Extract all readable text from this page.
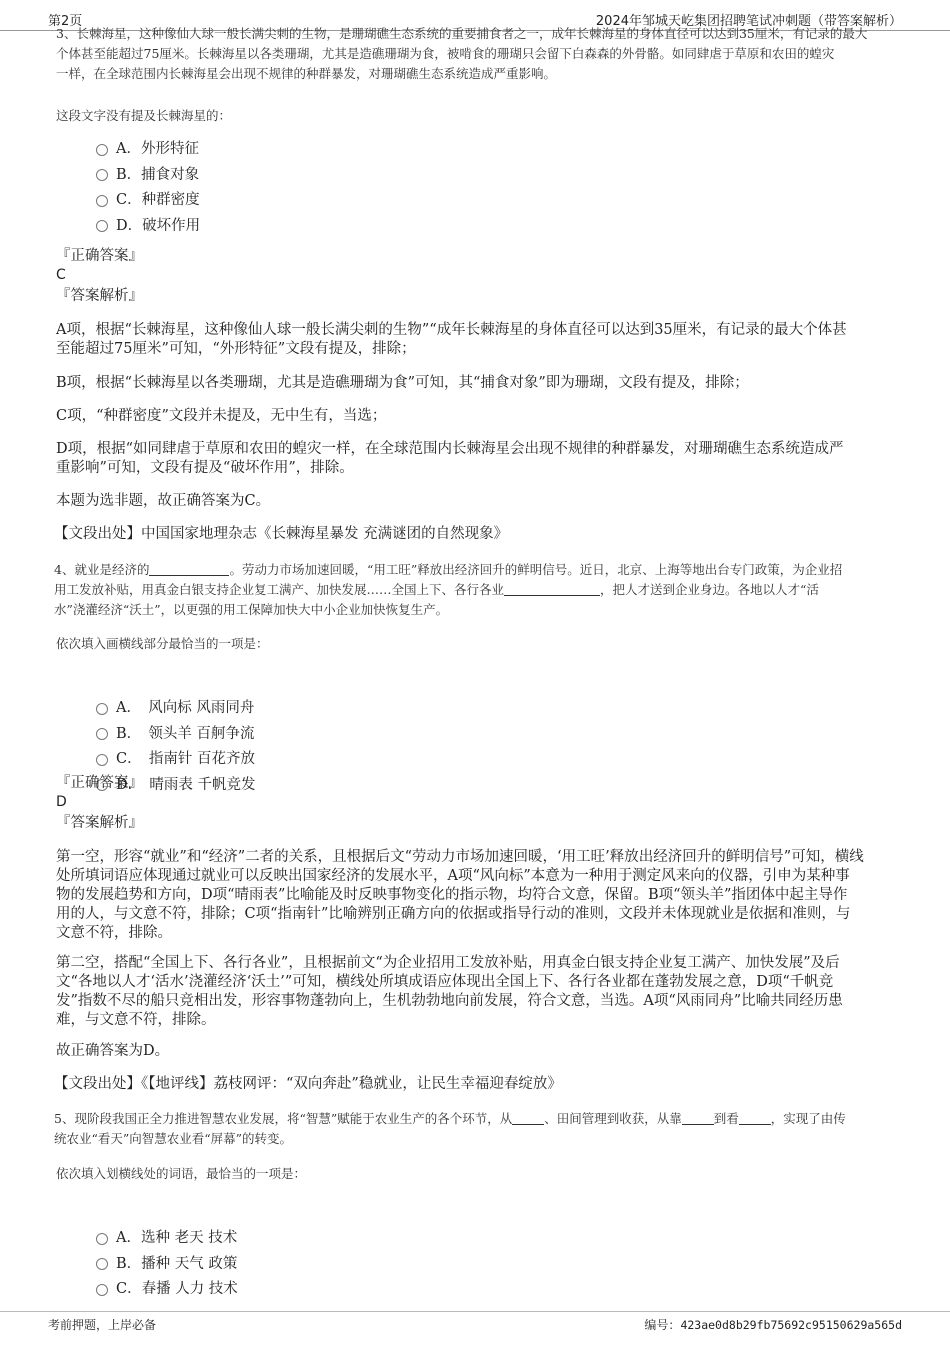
第2页	2024年邹城天屹集团招聘笔试冲刺题（带答案解析）

3、长棘海星，这种像仙人球一般长满尖刺的生物，是珊瑚礁生态系统的重要捕食者之一，成年长棘海星的身体直径可以达到35厘米，有记录的最大

个体甚至能超过75厘米。长棘海星以各类珊瑚，尤其是造礁珊瑚为食，被啃食的珊瑚只会留下白森森的外骨骼。如同肆虐于草原和农田的蝗灾

一样，在全球范围内长棘海星会出现不规律的种群暴发，对珊瑚礁生态系统造成严重影响。

这段文字没有提及长棘海星的：

A．外形特征
B．捕食对象
C．种群密度
D．破坏作用
『正确答案』
C
『答案解析』

A项，根据“长棘海星，这种像仙人球一般长满尖刺的生物”“成年长棘海星的身体直径可以达到35厘米，有记录的最大个体甚

至能超过75厘米”可知，“外形特征”文段有提及，排除；

B项，根据“长棘海星以各类珊瑚，尤其是造礁珊瑚为食”可知，其“捕食对象”即为珊瑚，文段有提及，排除；

C项，“种群密度”文段并未提及，无中生有，当选；

D项，根据“如同肆虐于草原和农田的蝗灾一样，在全球范围内长棘海星会出现不规律的种群暴发，对珊瑚礁生态系统造成严

重影响”可知，文段有提及“破坏作用”，排除。

本题为选非题，故正确答案为C。

【文段出处】中国国家地理杂志《长棘海星暴发 充满谜团的自然现象》

4、就业是经济的	。劳动力市场加速回暖，“用工旺”释放出经济回升的鲜明信号。近日，北京、上海等地出台专门政策，为企业招

用工发放补贴，用真金白银支持企业复工满产、加快发展……全国上下、各行各业	，把人才送到企业身边。各地以人才“活

水”浇灌经济“沃土”，以更强的用工保障加快大中小企业加快恢复生产。

依次填入画横线部分最恰当的一项是：

A．　风向标 风雨同舟
B．　领头羊 百舸争流
C．　指南针 百花齐放
D．　晴雨表 千帆竞发
『正确答案』
D
『答案解析』

第一空，形容“就业”和“经济”二者的关系，且根据后文“劳动力市场加速回暖，‘用工旺’释放出经济回升的鲜明信号”可知，横线

处所填词语应体现通过就业可以反映出国家经济的发展水平，A项“风向标”本意为一种用于测定风来向的仪器，引申为某种事

物的发展趋势和方向，D项“晴雨表”比喻能及时反映事物变化的指示物，均符合文意，保留。B项“领头羊”指团体中起主导作

用的人，与文意不符，排除；C项“指南针”比喻辨别正确方向的依据或指导行动的准则，文段并未体现就业是依据和准则，与

文意不符，排除。

第二空，搭配“全国上下、各行各业”，且根据前文“为企业招用工发放补贴，用真金白银支持企业复工满产、加快发展”及后

文“各地以人才‘活水’浇灌经济‘沃土’”可知，横线处所填成语应体现出全国上下、各行各业都在蓬勃发展之意，D项“千帆竞

发”指数不尽的船只竞相出发，形容事物蓬勃向上，生机勃勃地向前发展，符合文意，当选。A项“风雨同舟”比喻共同经历患

难，与文意不符，排除。

故正确答案为D。

【文段出处】《【地评线】荔枝网评：“双向奔赴”稳就业，让民生幸福迎春绽放》

5、现阶段我国正全力推进智慧农业发展，将“智慧”赋能于农业生产的各个环节，从	、田间管理到收获，从靠	到看	，实现了由传

统农业“看天”向智慧农业看“屏幕”的转变。

依次填入划横线处的词语，最恰当的一项是：

A．选种 老天 技术
B．播种 天气 政策
C．春播 人力 技术
考前押题，上岸必备	编号：423ae0d8b29fb75692c95150629a565d
